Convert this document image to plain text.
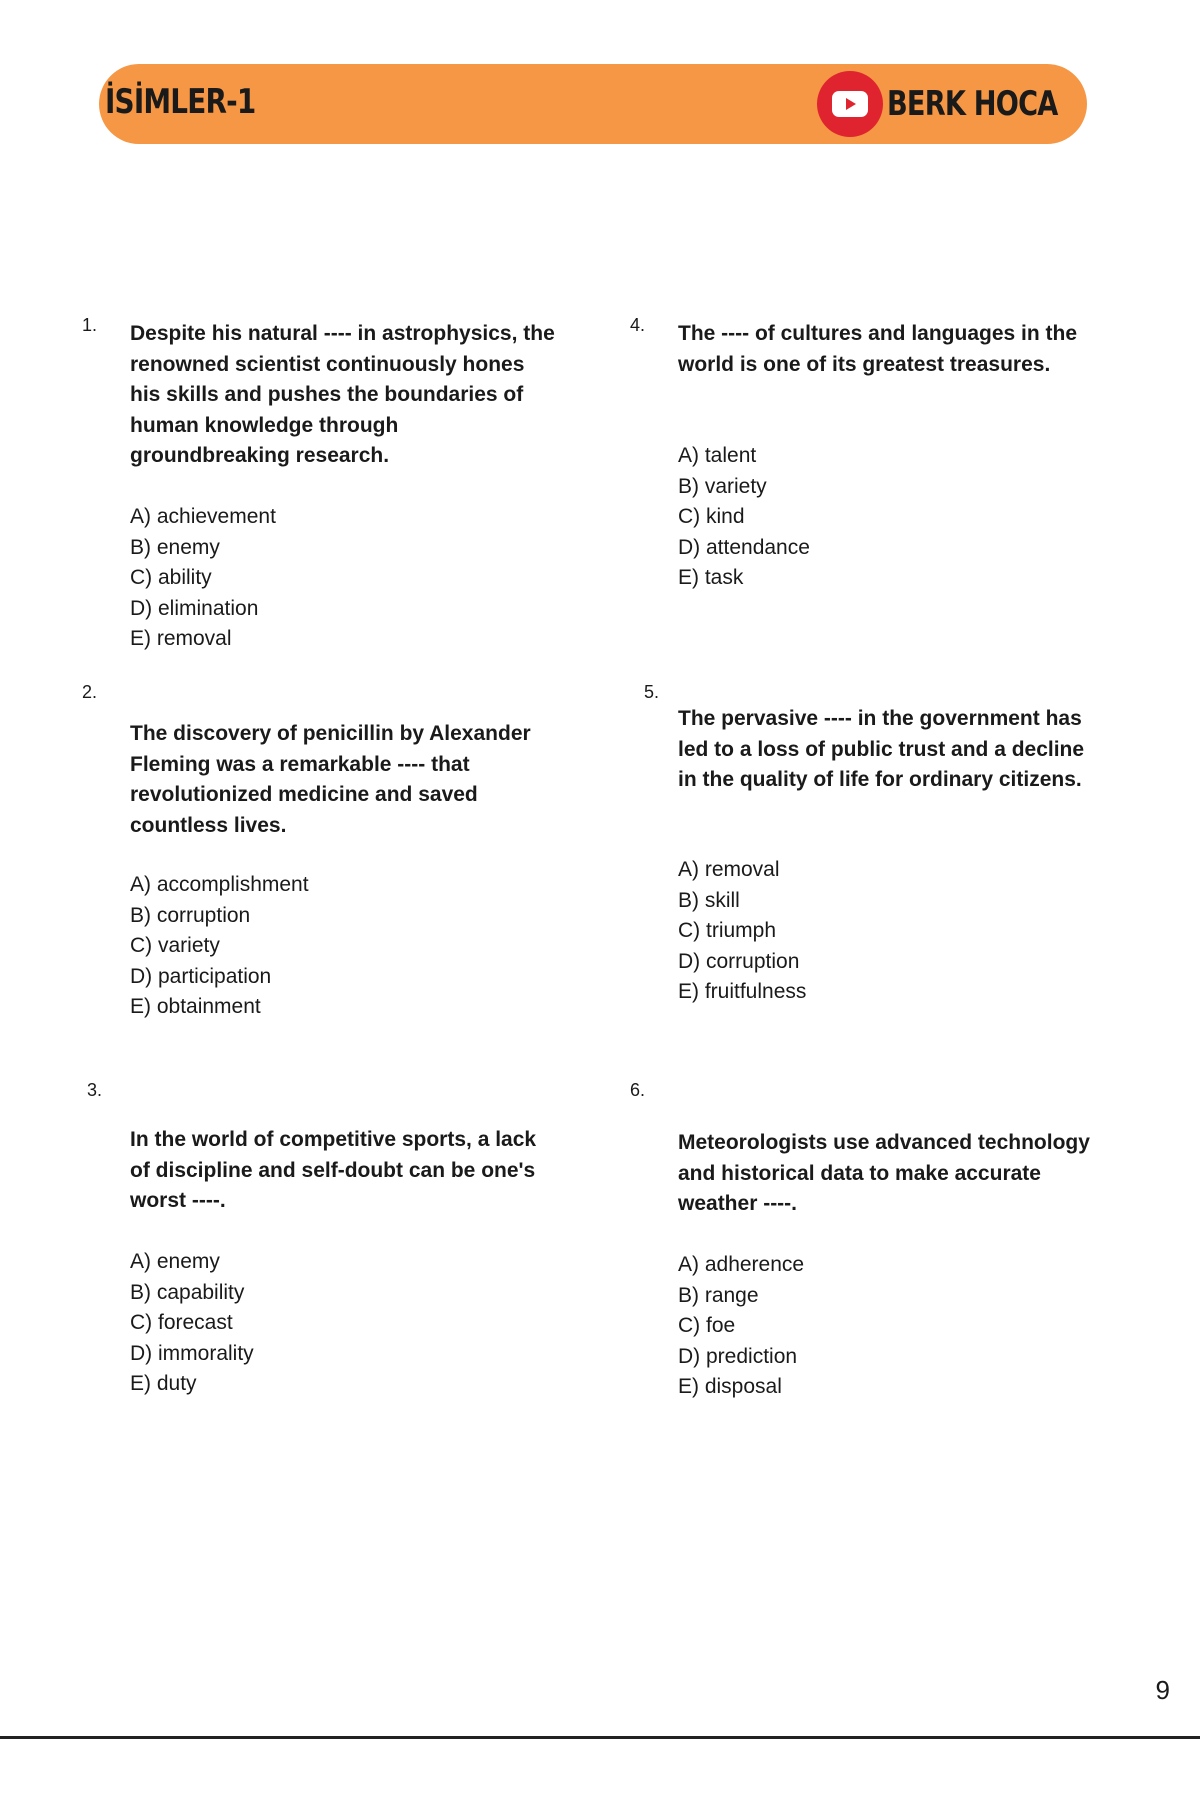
İSİMLER-1	BERK HOCA
1. Despite his natural ---- in astrophysics, the renowned scientist continuously hones his skills and pushes the boundaries of human knowledge through groundbreaking research.
A) achievement
B) enemy
C) ability
D) elimination
E) removal
2.
The discovery of penicillin by Alexander Fleming was a remarkable ---- that revolutionized medicine and saved countless lives.
A) accomplishment
B) corruption
C) variety
D) participation
E) obtainment
3.
In the world of competitive sports, a lack of discipline and self-doubt can be one's worst ----.
A) enemy
B) capability
C) forecast
D) immorality
E) duty
4. The ---- of cultures and languages in the world is one of its greatest treasures.
A) talent
B) variety
C) kind
D) attendance
E) task
5.
The pervasive ---- in the government has led to a loss of public trust and a decline in the quality of life for ordinary citizens.
A) removal
B) skill
C) triumph
D) corruption
E) fruitfulness
6.
Meteorologists use advanced technology and historical data to make accurate weather ----.
A) adherence
B) range
C) foe
D) prediction
E) disposal
9
